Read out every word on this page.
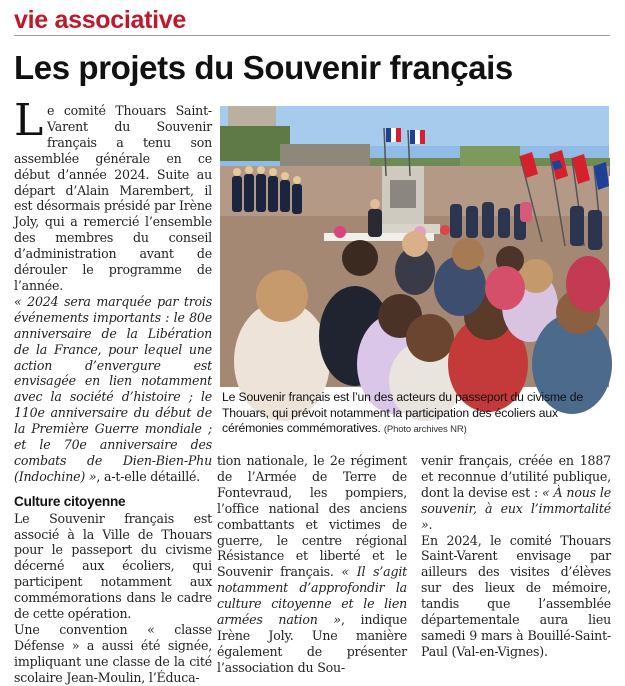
vie associative
Les projets du Souvenir français
L e comité Thouars Saint-Varent du Souvenir français a tenu son assemblée générale en ce début d’année 2024. Suite au départ d’Alain Marembert, il est désormais présidé par Irène Joly, qui a remercié l’ensemble des membres du conseil d’administration avant de dérouler le programme de l’année.

« 2024 sera marquée par trois événements importants : le 80e anniversaire de la Libération de la France, pour lequel une action d’envergure est envisagée en lien notamment avec la société d’histoire ; le 110e anniversaire du début de la Première Guerre mondiale ; et le 70e anniversaire des combats de Dien-Bien-Phu (Indochine) », a-t-elle détaillé.

Culture citoyenne

Le Souvenir français est associé à la Ville de Thouars pour le passeport du civisme décerné aux écoliers, qui participent notamment aux commémorations dans le cadre de cette opération.

Une convention « classe Défense » a aussi été signée, impliquant une classe de la cité scolaire Jean-Moulin, l’Éduca-

Le Souvenir français est l’un des acteurs du passeport du civisme de Thouars, qui prévoit notamment la participation des écoliers aux cérémonies commémoratives. (Photo archives NR)

tion nationale, le 2e régiment de l’Armée de Terre de Fontevraud, les pompiers, l’office national des anciens combattants et victimes de guerre, le centre régional Résistance et liberté et le Souvenir français. « Il s’agit notamment d’approfondir la culture citoyenne et le lien armées nation », indique Irène Joly. Une manière également de présenter l’association du Sou-

venir français, créée en 1887 et reconnue d’utilité publique, dont la devise est : « À nous le souvenir, à eux l’immortalité ».

En 2024, le comité Thouars Saint-Varent envisage par ailleurs des visites d’élèves sur des lieux de mémoire, tandis que l’assemblée départementale aura lieu samedi 9 mars à Bouillé-Saint-Paul (Val-en-Vignes).
